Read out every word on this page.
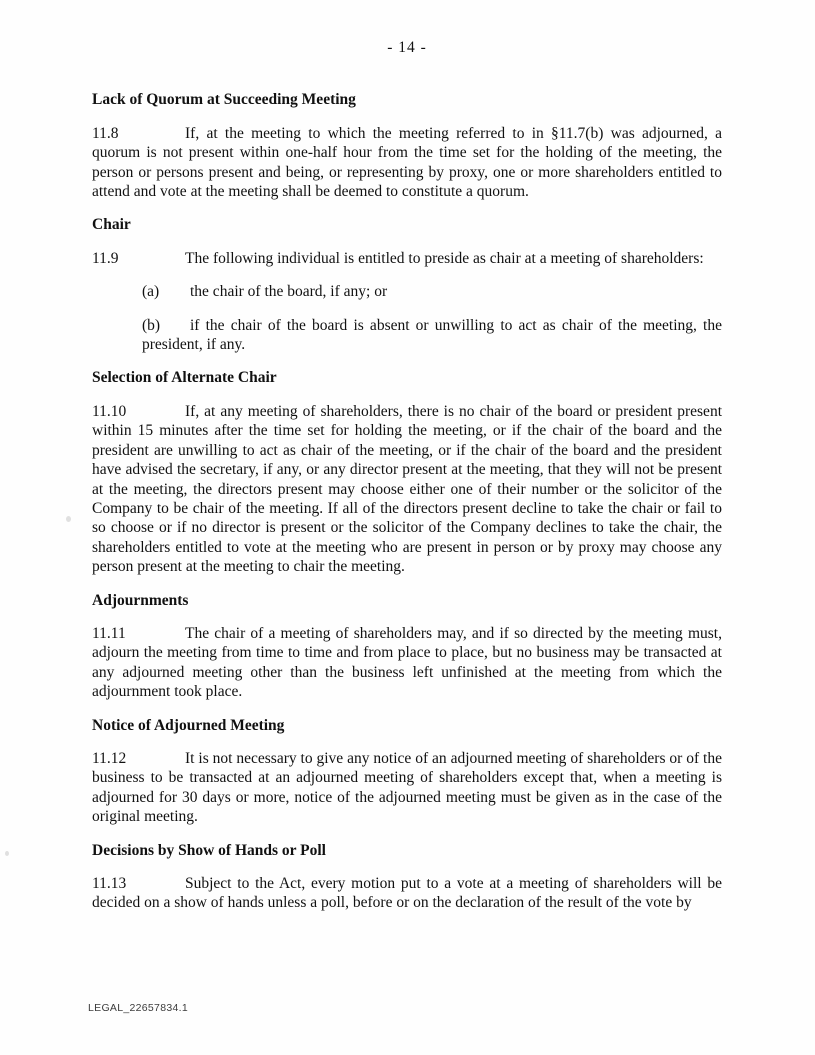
- 14 -
Lack of Quorum at Succeeding Meeting

11.8	If, at the meeting to which the meeting referred to in §11.7(b) was adjourned, a quorum is not present within one-half hour from the time set for the holding of the meeting, the person or persons present and being, or representing by proxy, one or more shareholders entitled to attend and vote at the meeting shall be deemed to constitute a quorum.

Chair

11.9	The following individual is entitled to preside as chair at a meeting of shareholders:

(a) the chair of the board, if any; or
(b) if the chair of the board is absent or unwilling to act as chair of the meeting, the president, if any.
Selection of Alternate Chair

11.10	If, at any meeting of shareholders, there is no chair of the board or president present within 15 minutes after the time set for holding the meeting, or if the chair of the board and the president are unwilling to act as chair of the meeting, or if the chair of the board and the president have advised the secretary, if any, or any director present at the meeting, that they will not be present at the meeting, the directors present may choose either one of their number or the solicitor of the Company to be chair of the meeting. If all of the directors present decline to take the chair or fail to so choose or if no director is present or the solicitor of the Company declines to take the chair, the shareholders entitled to vote at the meeting who are present in person or by proxy may choose any person present at the meeting to chair the meeting.

Adjournments

11.11	The chair of a meeting of shareholders may, and if so directed by the meeting must, adjourn the meeting from time to time and from place to place, but no business may be transacted at any adjourned meeting other than the business left unfinished at the meeting from which the adjournment took place.

Notice of Adjourned Meeting

11.12	It is not necessary to give any notice of an adjourned meeting of shareholders or of the business to be transacted at an adjourned meeting of shareholders except that, when a meeting is adjourned for 30 days or more, notice of the adjourned meeting must be given as in the case of the original meeting.

Decisions by Show of Hands or Poll

11.13	Subject to the Act, every motion put to a vote at a meeting of shareholders will be decided on a show of hands unless a poll, before or on the declaration of the result of the vote by

LEGAL_22657834.1
